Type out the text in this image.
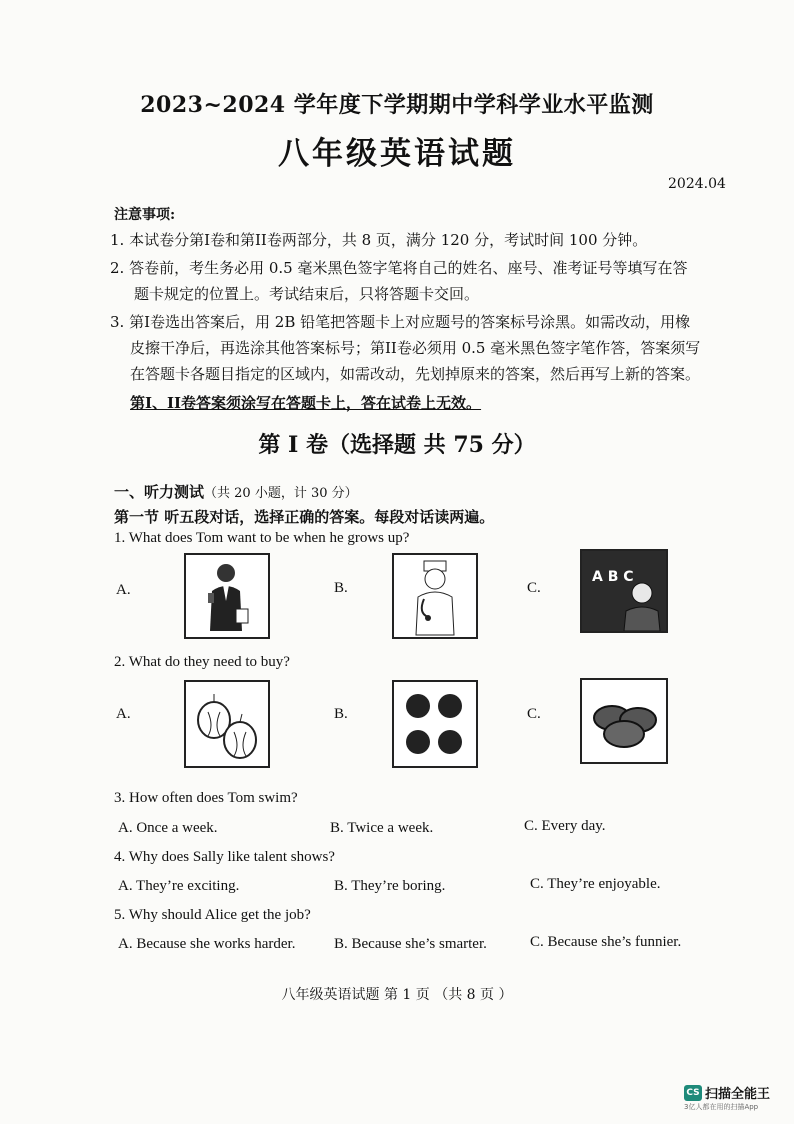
2023~2024 学年度下学期期中学科学业水平监测
八年级英语试题
2024.04
注意事项:
1. 本试卷分第I卷和第II卷两部分，共 8 页，满分 120 分，考试时间 100 分钟。
2. 答卷前，考生务必用 0.5 毫米黑色签字笔将自己的姓名、座号、准考证号等填写在答
题卡规定的位置上。考试结束后，只将答题卡交回。
3. 第I卷选出答案后，用 2B 铅笔把答题卡上对应题号的答案标号涂黑。如需改动，用橡
皮擦干净后，再选涂其他答案标号；第II卷必须用 0.5 毫米黑色签字笔作答，答案须写
在答题卡各题目指定的区域内，如需改动，先划掉原来的答案，然后再写上新的答案。
第I、II卷答案须涂写在答题卡上，答在试卷上无效。
第 I 卷（选择题 共 75 分）
一、听力测试（共 20 小题，计 30 分）
第一节 听五段对话，选择正确的答案。每段对话读两遍。
1. What does Tom want to be when he grows up?
A.	B.	C.
A B C
2. What do they need to buy?
A.	B.	C.
3. How often does Tom swim?
A. Once a week.	B. Twice a week.	C. Every day.
4. Why does Sally like talent shows?
A. They’re exciting.	B. They’re boring.	C. They’re enjoyable.
5. Why should Alice get the job?
A. Because she works harder.	B. Because she’s smarter.	C. Because she’s funnier.
八年级英语试题 第 1 页 （共 8 页 ）
CS 扫描全能王
3亿人都在用的扫描App
